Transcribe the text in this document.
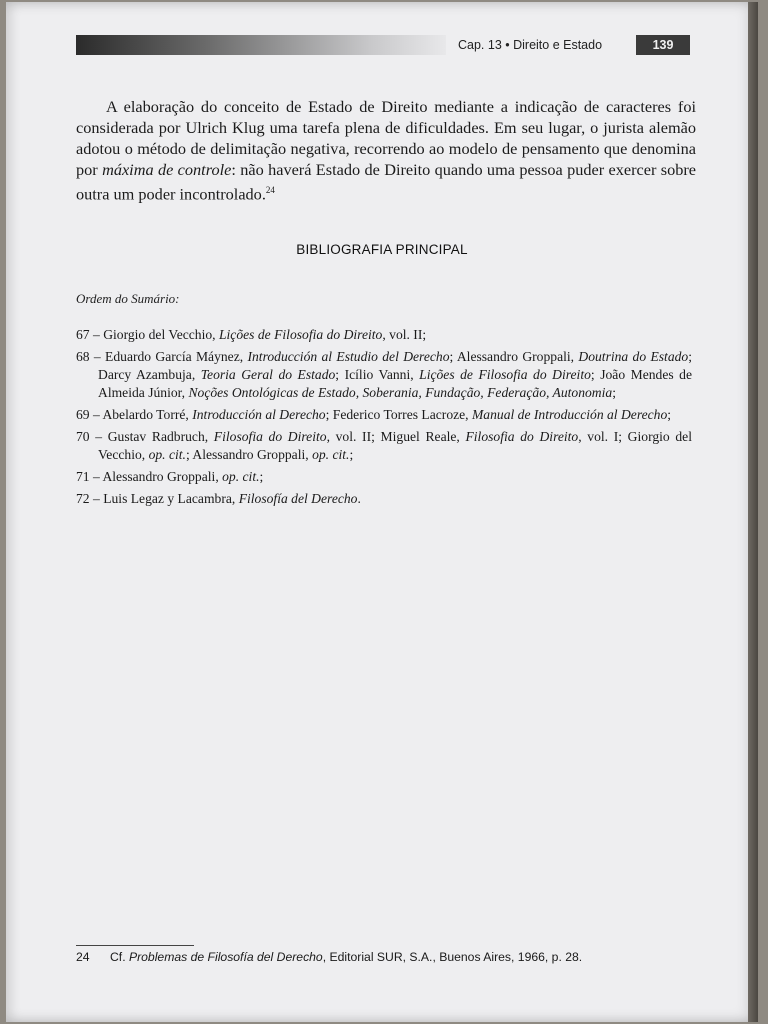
Cap. 13 • Direito e Estado	139

A elaboração do conceito de Estado de Direito mediante a indicação de caracteres foi considerada por Ulrich Klug uma tarefa plena de dificuldades. Em seu lugar, o jurista alemão adotou o método de delimitação negativa, recorrendo ao modelo de pensamento que denomina por máxima de controle: não haverá Estado de Direito quando uma pessoa puder exercer sobre outra um poder incontrolado.$^{24}$

BIBLIOGRAFIA PRINCIPAL
Ordem do Sumário:
67 – Giorgio del Vecchio, Lições de Filosofia do Direito, vol. II;
68 – Eduardo García Máynez, Introducción al Estudio del Derecho; Alessandro Groppali, Doutrina do Estado; Darcy Azambuja, Teoria Geral do Estado; Icílio Vanni, Lições de Filosofia do Direito; João Mendes de Almeida Júnior, Noções Ontológicas de Estado, Soberania, Fundação, Federação, Autonomia;
69 – Abelardo Torré, Introducción al Derecho; Federico Torres Lacroze, Manual de Introducción al Derecho;
70 – Gustav Radbruch, Filosofia do Direito, vol. II; Miguel Reale, Filosofia do Direito, vol. I; Giorgio del Vecchio, op. cit.; Alessandro Groppali, op. cit.;
71 – Alessandro Groppali, op. cit.;
72 – Luis Legaz y Lacambra, Filosofía del Derecho.
24 Cf. Problemas de Filosofía del Derecho, Editorial SUR, S.A., Buenos Aires, 1966, p. 28.
